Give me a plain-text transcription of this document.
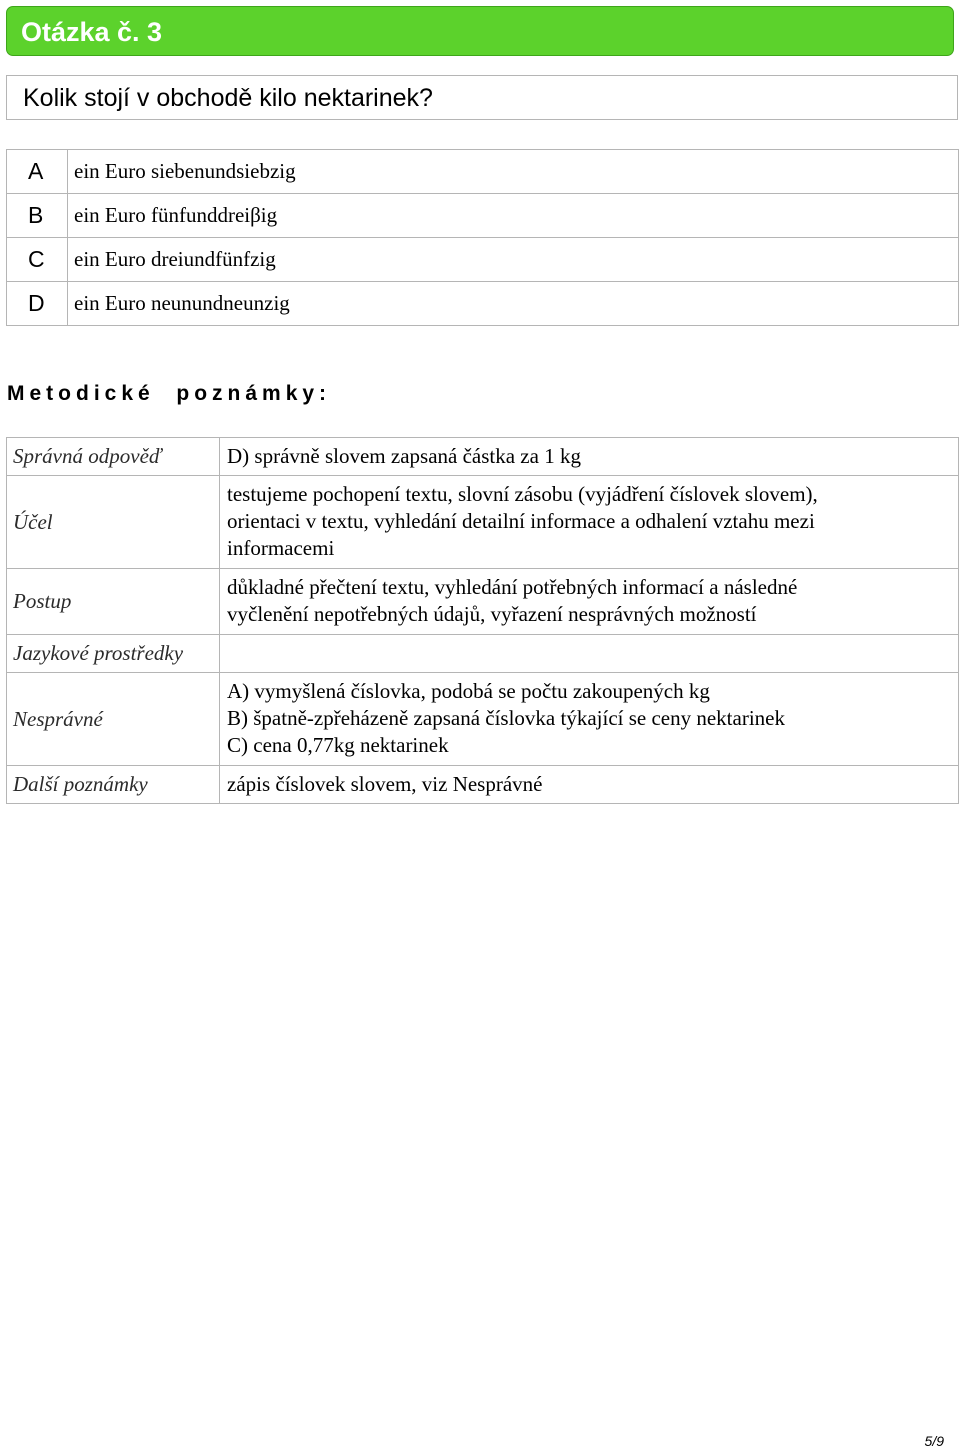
Otázka č. 3
Kolik stojí v obchodě kilo nektarinek?
A	ein Euro siebenundsiebzig
B	ein Euro fünfunddreiβig
C	ein Euro dreiundfünfzig
D	ein Euro neunundneunzig
Metodické  poznámky:
Správná odpověď	D) správně slovem zapsaná částka za 1 kg

Účel	testujeme pochopení textu, slovní zásobu (vyjádření číslovek slovem),
orientaci v textu, vyhledání detailní informace a odhalení vztahu mezi
informacemi

Postup	důkladné přečtení textu, vyhledání potřebných informací a následné
vyčlenění nepotřebných údajů, vyřazení nesprávných možností

Jazykové prostředky	

Nesprávné	A) vymyšlená číslovka, podobá se počtu zakoupených kg
B) špatně-zpřeházeně zapsaná číslovka týkající se ceny nektarinek
C) cena 0,77kg nektarinek

Další poznámky	zápis číslovek slovem, viz Nesprávné
5/9
